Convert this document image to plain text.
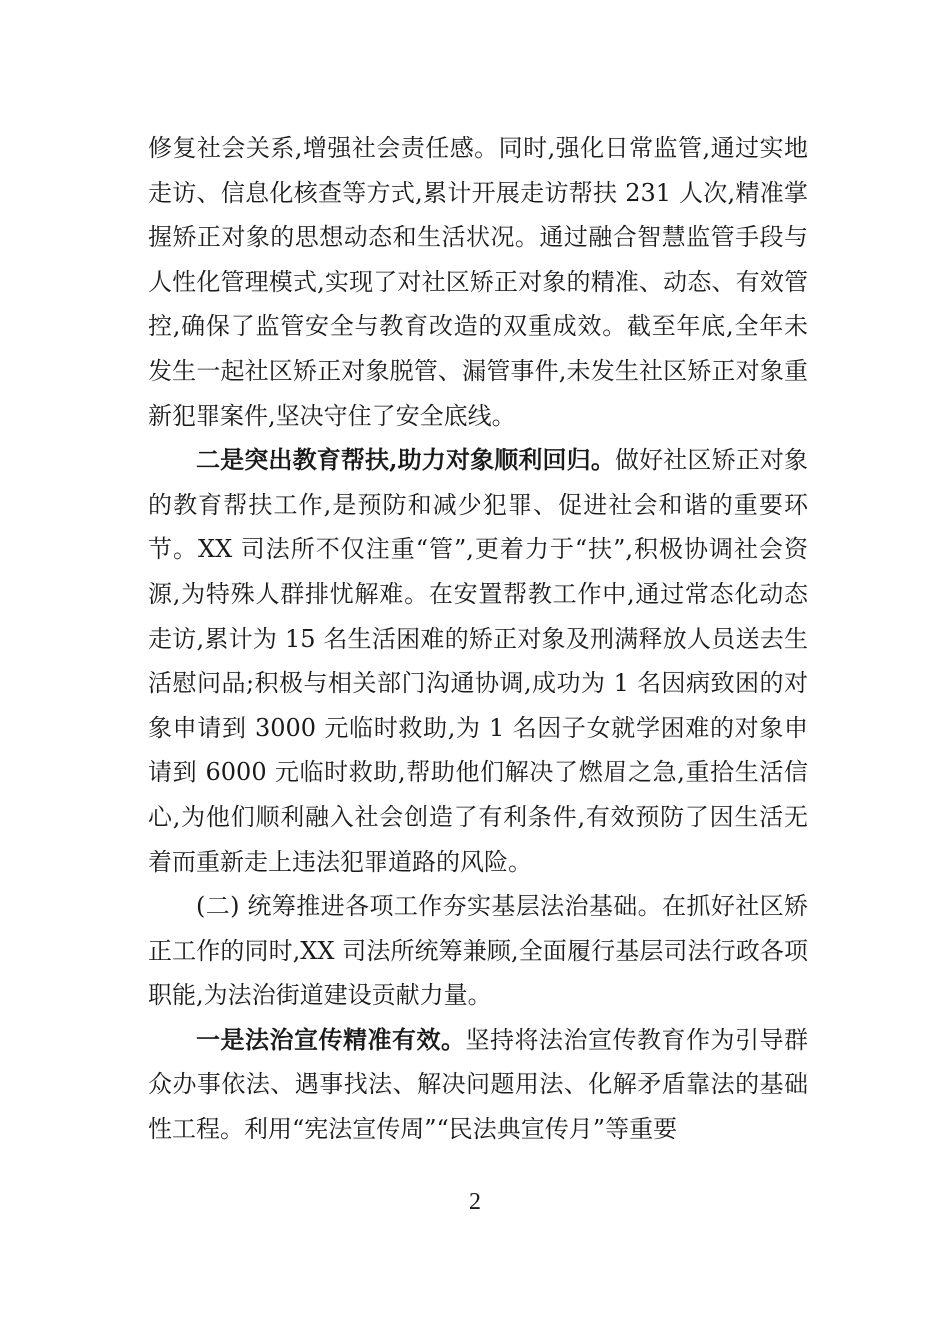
修复社会关系,增强社会责任感。同时,强化日常监管,通过实地走访、信息化核查等方式,累计开展走访帮扶 231 人次,精准掌握矫正对象的思想动态和生活状况。通过融合智慧监管手段与人性化管理模式,实现了对社区矫正对象的精准、动态、有效管控,确保了监管安全与教育改造的双重成效。截至年底,全年未发生一起社区矫正对象脱管、漏管事件,未发生社区矫正对象重新犯罪案件,坚决守住了安全底线。

二是突出教育帮扶,助力对象顺利回归。做好社区矫正对象的教育帮扶工作,是预防和减少犯罪、促进社会和谐的重要环节。XX 司法所不仅注重“管”,更着力于“扶”,积极协调社会资源,为特殊人群排忧解难。在安置帮教工作中,通过常态化动态走访,累计为 15 名生活困难的矫正对象及刑满释放人员送去生活慰问品;积极与相关部门沟通协调,成功为 1 名因病致困的对象申请到 3000 元临时救助,为 1 名因子女就学困难的对象申请到 6000 元临时救助,帮助他们解决了燃眉之急,重拾生活信心,为他们顺利融入社会创造了有利条件,有效预防了因生活无着而重新走上违法犯罪道路的风险。

(二) 统筹推进各项工作夯实基层法治基础。在抓好社区矫正工作的同时,XX 司法所统筹兼顾,全面履行基层司法行政各项职能,为法治街道建设贡献力量。

一是法治宣传精准有效。坚持将法治宣传教育作为引导群众办事依法、遇事找法、解决问题用法、化解矛盾靠法的基础性工程。利用“宪法宣传周”“民法典宣传月”等重要

2
